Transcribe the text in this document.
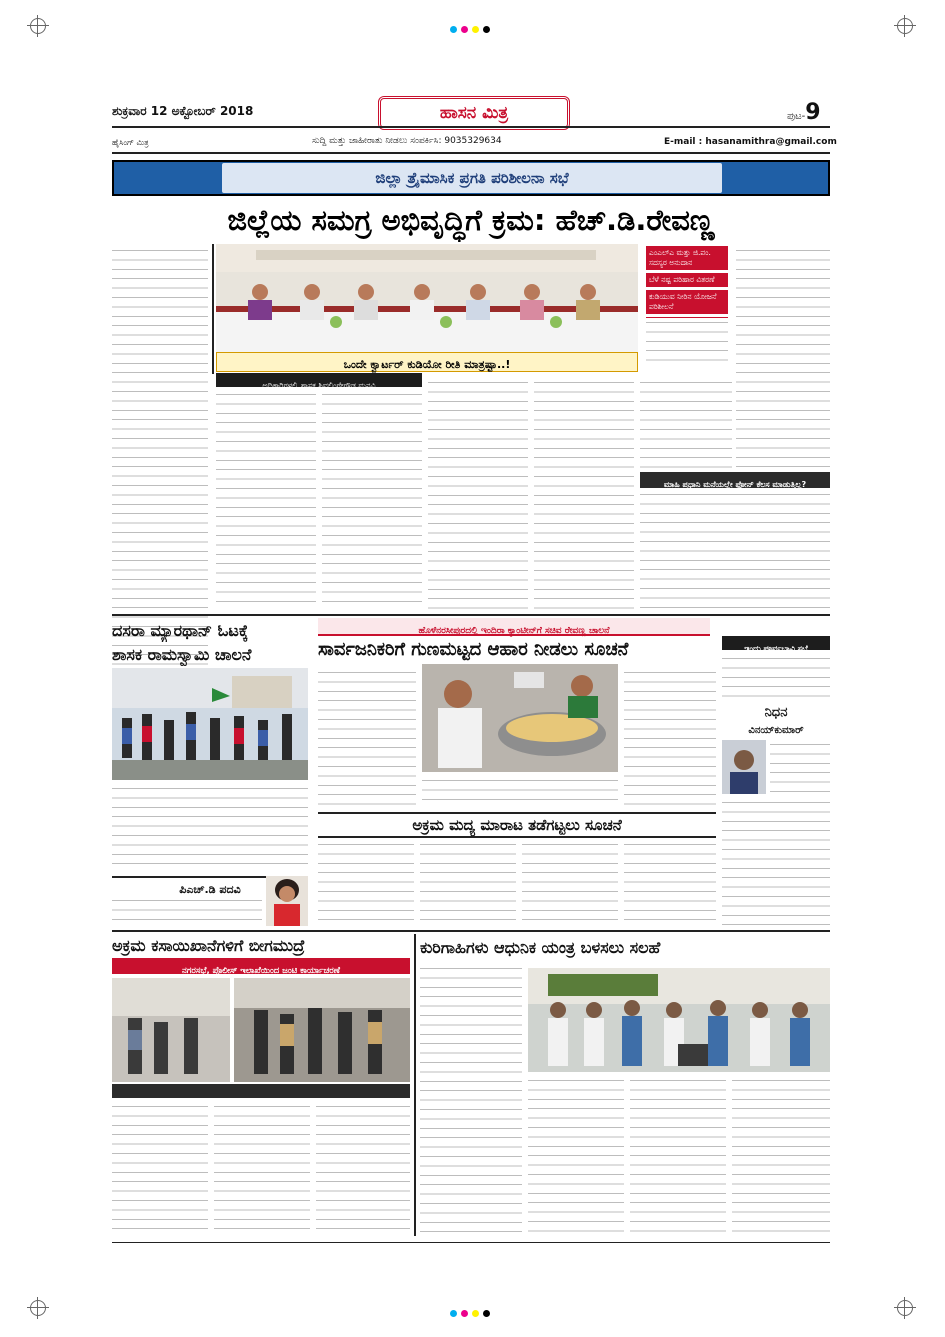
ಶುಕ್ರವಾರ 12 ಅಕ್ಟೋಬರ್ 2018	ಹಾಸನ ಮಿತ್ರ	ಪುಟ-9
ಹೈಸಿಂಗ್ ಮಿತ್ರ	ಸುದ್ದಿ ಮತ್ತು ಜಾಹೀರಾತು ನೀಡಲು ಸಂಪರ್ಕಿಸಿ: 9035329634	E-mail : hasanamithra@gmail.com
ಜಿಲ್ಲಾ ತ್ರೈಮಾಸಿಕ ಪ್ರಗತಿ ಪರಿಶೀಲನಾ ಸಭೆ
ಜಿಲ್ಲೆಯ ಸಮಗ್ರ ಅಭಿವೃದ್ಧಿಗೆ ಕ್ರಮ: ಹೆಚ್.ಡಿ.ರೇವಣ್ಣ
ಎಂಎಲ್‌ಎ ಮತ್ತು ಜಿ.ಪಂ. ಸದಸ್ಯರ ಅನುದಾನ
ಬೆಳೆ ನಷ್ಟ ಪರಿಹಾರ ವಿತರಣೆ
ಕುಡಿಯುವ ನೀರಿನ ಯೋಜನೆ ಪರಿಶೀಲನೆ
ಒಂದೇ ಕ್ವಾರ್ಟರ್ ಕುಡಿಯೋ ರೀತಿ ಮಾತ್ರಷ್ಟಾ..!
ಅಧಿಕಾರಿಗಳಲ್ಲಿ ಶಾಸಕ ಶಿವಲಿಂಗೇಗೌಡ ಮನವಿ
ಮಾಹಿ ಪ್ರಧಾನಿ ಮನೆಯಲ್ಲೇ ಫೋನ್ ಕೆಲಸ ಮಾಡುತ್ತಿಲ್ಲ?
ದಸರಾ ಮ್ಯಾರಥಾನ್ ಓಟಕ್ಕೆ
ಶಾಸಕ ರಾಮಸ್ವಾಮಿ ಚಾಲನೆ
ಹೊಳೆನರಸೀಪುರದಲ್ಲಿ ಇಂದಿರಾ ಕ್ಯಾಂಟೀನ್‌ಗೆ ಸಚಿವ ರೇವಣ್ಣ ಚಾಲನೆ
ಸಾರ್ವಜನಿಕರಿಗೆ ಗುಣಮಟ್ಟದ ಆಹಾರ ನೀಡಲು ಸೂಚನೆ	ಇಂದು ಪೂರ್ವಭಾವಿ ಸಭೆ
ನಿಧನ
ವಿನಯ್‌ಕುಮಾರ್
ಅಕ್ರಮ ಮದ್ಯ ಮಾರಾಟ ತಡೆಗಟ್ಟಲು ಸೂಚನೆ
ಪಿಎಚ್.ಡಿ ಪದವಿ
ಅಕ್ರಮ ಕಸಾಯಿಖಾನೆಗಳಿಗೆ ಬೀಗಮುದ್ರೆ
ನಗರಸಭೆ, ಪೊಲೀಸ್ ಇಲಾಖೆಯಿಂದ ಜಂಟಿ ಕಾರ್ಯಾಚರಣೆ
ಕುರಿಗಾಹಿಗಳು ಆಧುನಿಕ ಯಂತ್ರ ಬಳಸಲು ಸಲಹೆ
